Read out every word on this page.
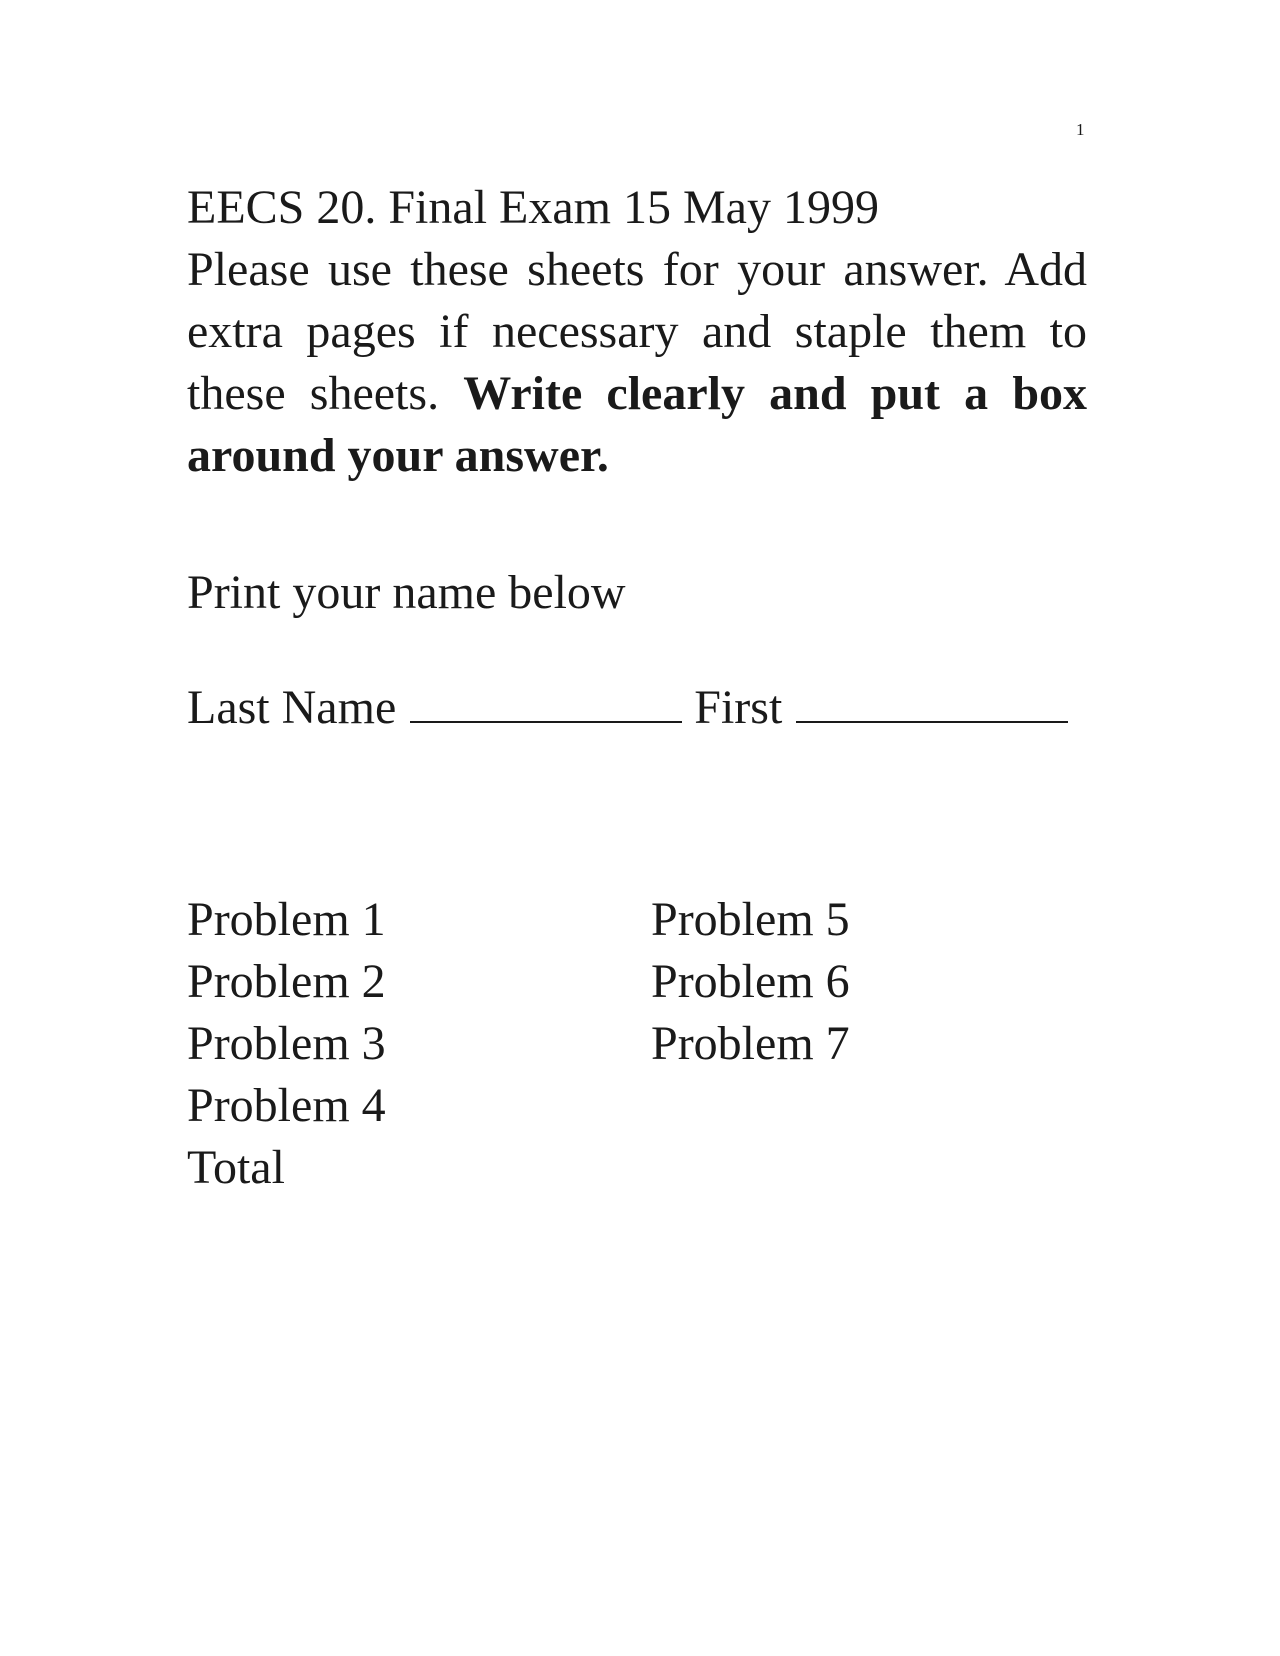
1

EECS 20. Final Exam 15 May 1999

Please use these sheets for your answer. Add extra pages if necessary and staple them to these sheets. Write clearly and put a box around your answer.

Print your name below

Last Name	First
Problem 1
Problem 2
Problem 3
Problem 4
Total
Problem 5
Problem 6
Problem 7
